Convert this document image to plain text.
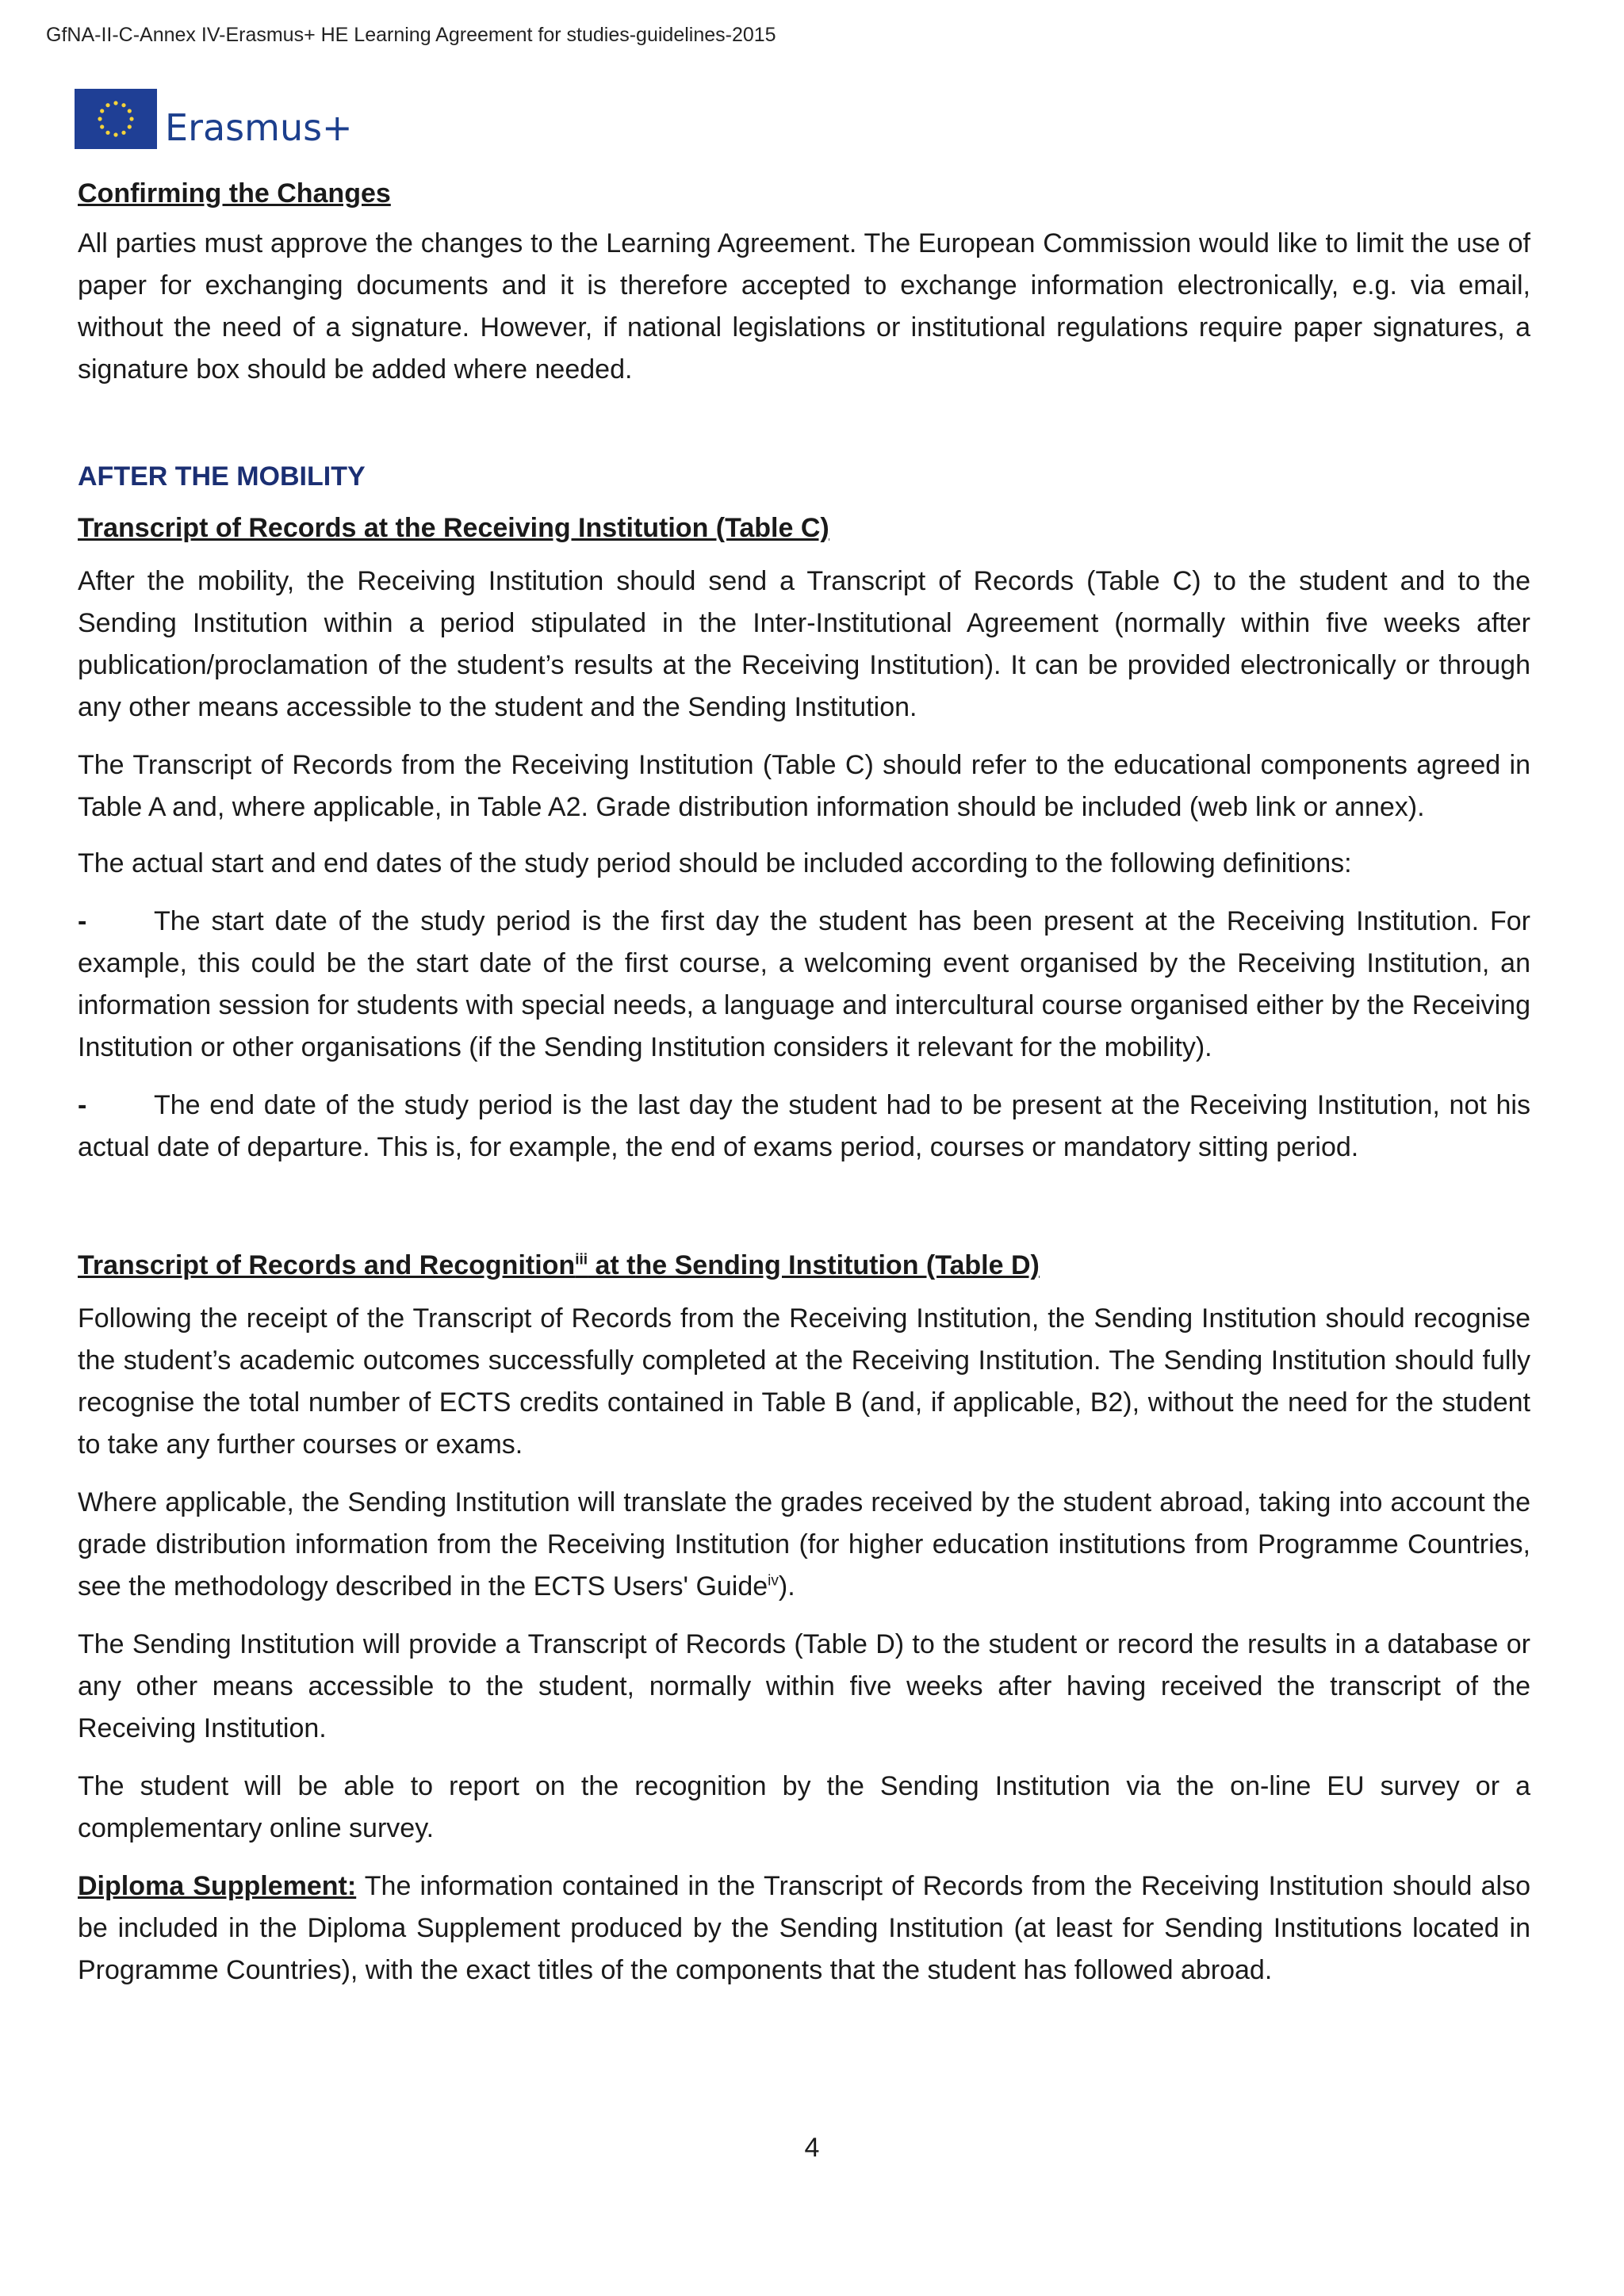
GfNA-II-C-Annex IV-Erasmus+ HE Learning Agreement for studies-guidelines-2015
Erasmus+

Confirming the Changes

All parties must approve the changes to the Learning Agreement. The European Commission would like to limit the use of paper for exchanging documents and it is therefore accepted to exchange information electronically, e.g. via email, without the need of a signature. However, if national legislations or institutional regulations require paper signatures, a signature box should be added where needed.

AFTER THE MOBILITY

Transcript of Records at the Receiving Institution (Table C)

After the mobility, the Receiving Institution should send a Transcript of Records (Table C) to the student and to the Sending Institution within a period stipulated in the Inter-Institutional Agreement (normally within five weeks after publication/proclamation of the student’s results at the Receiving Institution). It can be provided electronically or through any other means accessible to the student and the Sending Institution.

The Transcript of Records from the Receiving Institution (Table C) should refer to the educational components agreed in Table A and, where applicable, in Table A2. Grade distribution information should be included (web link or annex).

The actual start and end dates of the study period should be included according to the following definitions:

- The start date of the study period is the first day the student has been present at the Receiving Institution. For example, this could be the start date of the first course, a welcoming event organised by the Receiving Institution, an information session for students with special needs, a language and intercultural course organised either by the Receiving Institution or other organisations (if the Sending Institution considers it relevant for the mobility).

- The end date of the study period is the last day the student had to be present at the Receiving Institution, not his actual date of departure. This is, for example, the end of exams period, courses or mandatory sitting period.

Transcript of Records and Recognition$^{iii}$ at the Sending Institution (Table D)

Following the receipt of the Transcript of Records from the Receiving Institution, the Sending Institution should recognise the student’s academic outcomes successfully completed at the Receiving Institution. The Sending Institution should fully recognise the total number of ECTS credits contained in Table B (and, if applicable, B2), without the need for the student to take any further courses or exams.

Where applicable, the Sending Institution will translate the grades received by the student abroad, taking into account the grade distribution information from the Receiving Institution (for higher education institutions from Programme Countries, see the methodology described in the ECTS Users' Guide$^{iv}$).

The Sending Institution will provide a Transcript of Records (Table D) to the student or record the results in a database or any other means accessible to the student, normally within five weeks after having received the transcript of the Receiving Institution.

The student will be able to report on the recognition by the Sending Institution via the on-line EU survey or a complementary online survey.

Diploma Supplement: The information contained in the Transcript of Records from the Receiving Institution should also be included in the Diploma Supplement produced by the Sending Institution (at least for Sending Institutions located in Programme Countries), with the exact titles of the components that the student has followed abroad.

4
